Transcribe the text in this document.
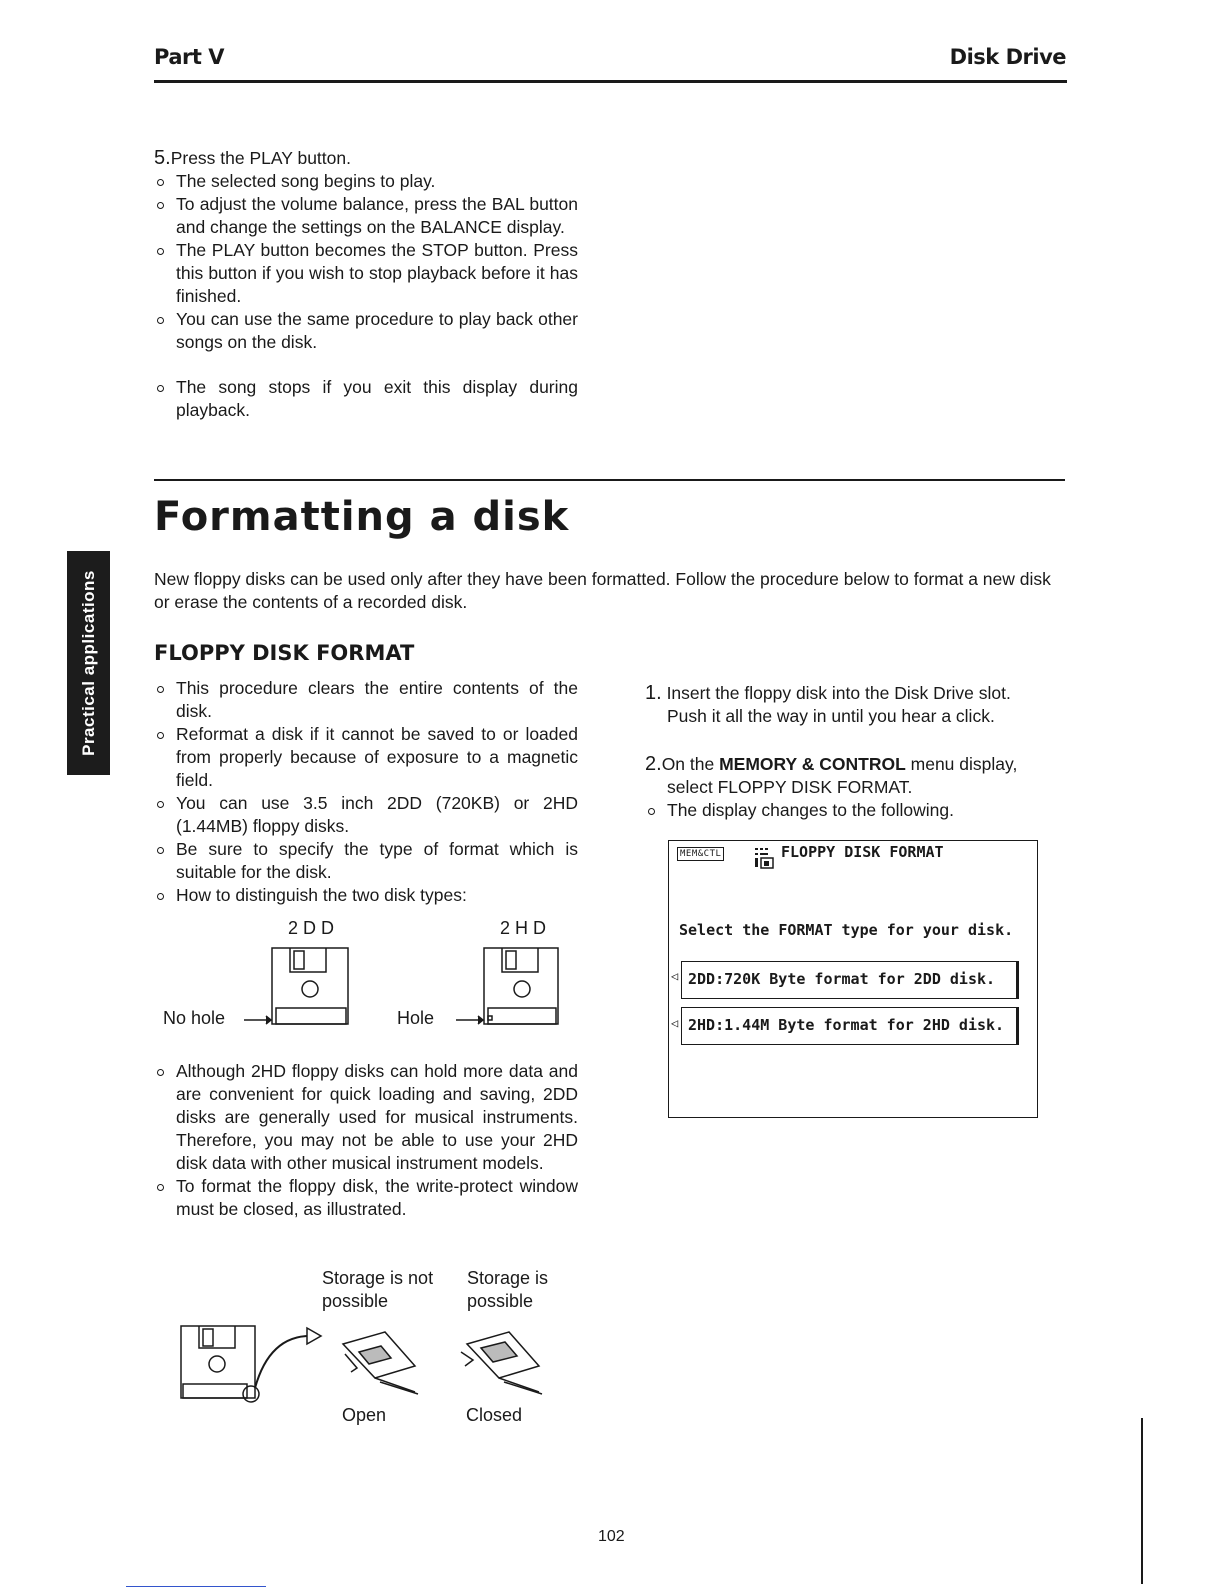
Part V	Disk Drive
5.Press the PLAY button.
The selected song begins to play.
To adjust the volume balance, press the BAL button and change the settings on the BALANCE display.
The PLAY button becomes the STOP button. Press this button if you wish to stop playback before it has finished.
You can use the same procedure to play back other songs on the disk.
The song stops if you exit this display during playback.
Formatting a disk
Practical applications	New floppy disks can be used only after they have been formatted. Follow the procedure below to format a new disk or erase the contents of a recorded disk.
FLOPPY DISK FORMAT
This procedure clears the entire contents of the disk.
Reformat a disk if it cannot be saved to or loaded from properly because of exposure to a magnetic field.
You can use 3.5 inch 2DD (720KB) or 2HD (1.44MB) floppy disks.
Be sure to specify the type of format which is suitable for the disk.
How to distinguish the two disk types:
2DD	2HD
No hole	Hole
Although 2HD floppy disks can hold more data and are convenient for quick loading and saving, 2DD disks are generally used for musical instruments. Therefore, you may not be able to use your 2HD disk data with other musical instrument models.
To format the floppy disk, the write-protect window must be closed, as illustrated.
Storage is not
possible
Storage is
possible
Open	Closed
1. Insert the floppy disk into the Disk Drive slot.
Push it all the way in until you hear a click.
2.On the MEMORY & CONTROL menu display,
select FLOPPY DISK FORMAT.
The display changes to the following.
MEM&CTL	FLOPPY DISK FORMAT
Select the FORMAT type for your disk.
◁ 2DD:720K Byte format for 2DD disk.
◁ 2HD:1.44M Byte format for 2HD disk.
102
